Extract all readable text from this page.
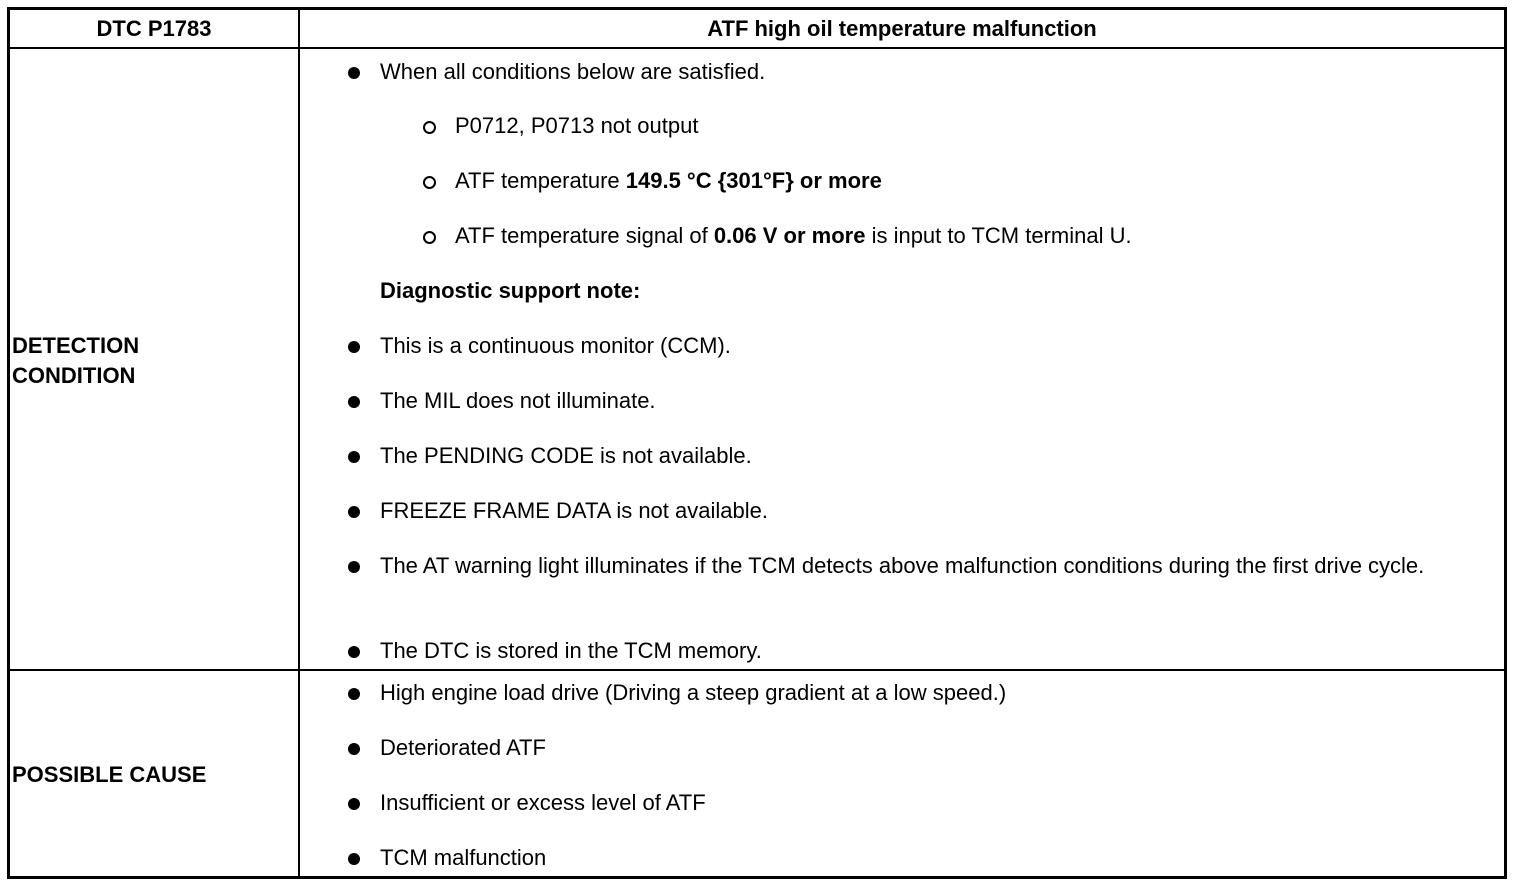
DTC P1783	ATF high oil temperature malfunction
DETECTION
CONDITION
When all conditions below are satisfied.
P0712, P0713 not output
ATF temperature 149.5 °C {301°F} or more
ATF temperature signal of 0.06 V or more is input to TCM terminal U.
Diagnostic support note:
This is a continuous monitor (CCM).
The MIL does not illuminate.
The PENDING CODE is not available.
FREEZE FRAME DATA is not available.
The AT warning light illuminates if the TCM detects above malfunction conditions during the first drive cycle.
The DTC is stored in the TCM memory.
POSSIBLE CAUSE
High engine load drive (Driving a steep gradient at a low speed.)
Deteriorated ATF
Insufficient or excess level of ATF
TCM malfunction
